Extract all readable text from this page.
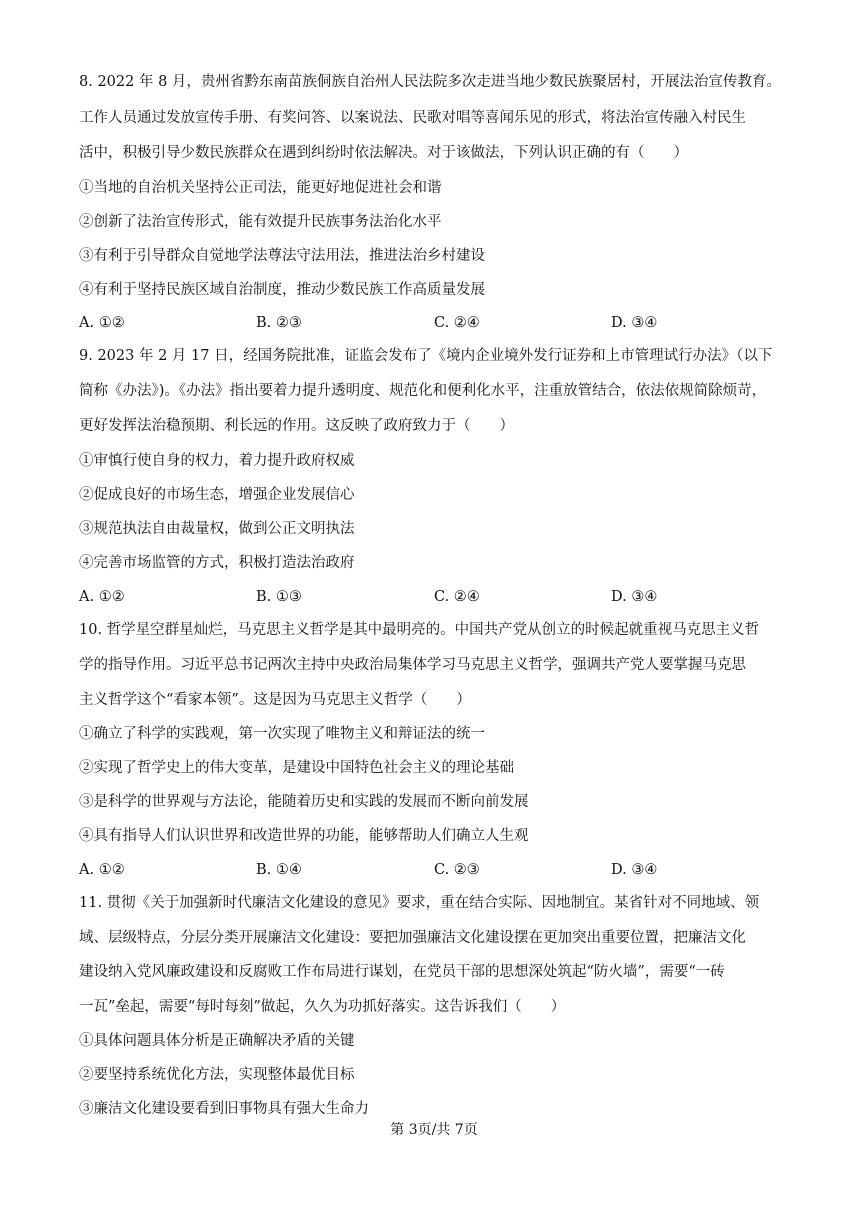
8. 2022 年 8 月，贵州省黔东南苗族侗族自治州人民法院多次走进当地少数民族聚居村，开展法治宣传教育。
工作人员通过发放宣传手册、有奖问答、以案说法、民歌对唱等喜闻乐见的形式，将法治宣传融入村民生
活中，积极引导少数民族群众在遇到纠纷时依法解决。对于该做法，下列认识正确的有（　　）
①当地的自治机关坚持公正司法，能更好地促进社会和谐
②创新了法治宣传形式，能有效提升民族事务法治化水平
③有利于引导群众自觉地学法尊法守法用法，推进法治乡村建设
④有利于坚持民族区域自治制度，推动少数民族工作高质量发展
A. ①②	B. ②③	C. ②④	D. ③④
9. 2023 年 2 月 17 日，经国务院批准，证监会发布了《境内企业境外发行证券和上市管理试行办法》（以下
简称《办法》)。《办法》指出要着力提升透明度、规范化和便利化水平，注重放管结合，依法依规简除烦苛，
更好发挥法治稳预期、利长远的作用。这反映了政府致力于（　　）
①审慎行使自身的权力，着力提升政府权威
②促成良好的市场生态，增强企业发展信心
③规范执法自由裁量权，做到公正文明执法
④完善市场监管的方式，积极打造法治政府
A. ①②	B. ①③	C. ②④	D. ③④
10. 哲学星空群星灿烂，马克思主义哲学是其中最明亮的。中国共产党从创立的时候起就重视马克思主义哲
学的指导作用。习近平总书记两次主持中央政治局集体学习马克思主义哲学，强调共产党人要掌握马克思
主义哲学这个“看家本领”。这是因为马克思主义哲学（　　）
①确立了科学的实践观，第一次实现了唯物主义和辩证法的统一
②实现了哲学史上的伟大变革，是建设中国特色社会主义的理论基础
③是科学的世界观与方法论，能随着历史和实践的发展而不断向前发展
④具有指导人们认识世界和改造世界的功能，能够帮助人们确立人生观
A. ①②	B. ①④	C. ②③	D. ③④
11. 贯彻《关于加强新时代廉洁文化建设的意见》要求，重在结合实际、因地制宜。某省针对不同地域、领
域、层级特点，分层分类开展廉洁文化建设：要把加强廉洁文化建设摆在更加突出重要位置，把廉洁文化
建设纳入党风廉政建设和反腐败工作布局进行谋划，在党员干部的思想深处筑起“防火墙”，需要“一砖
一瓦”垒起，需要“每时每刻”做起，久久为功抓好落实。这告诉我们（　　）
①具体问题具体分析是正确解决矛盾的关键
②要坚持系统优化方法，实现整体最优目标
③廉洁文化建设要看到旧事物具有强大生命力
第 3页/共 7页
